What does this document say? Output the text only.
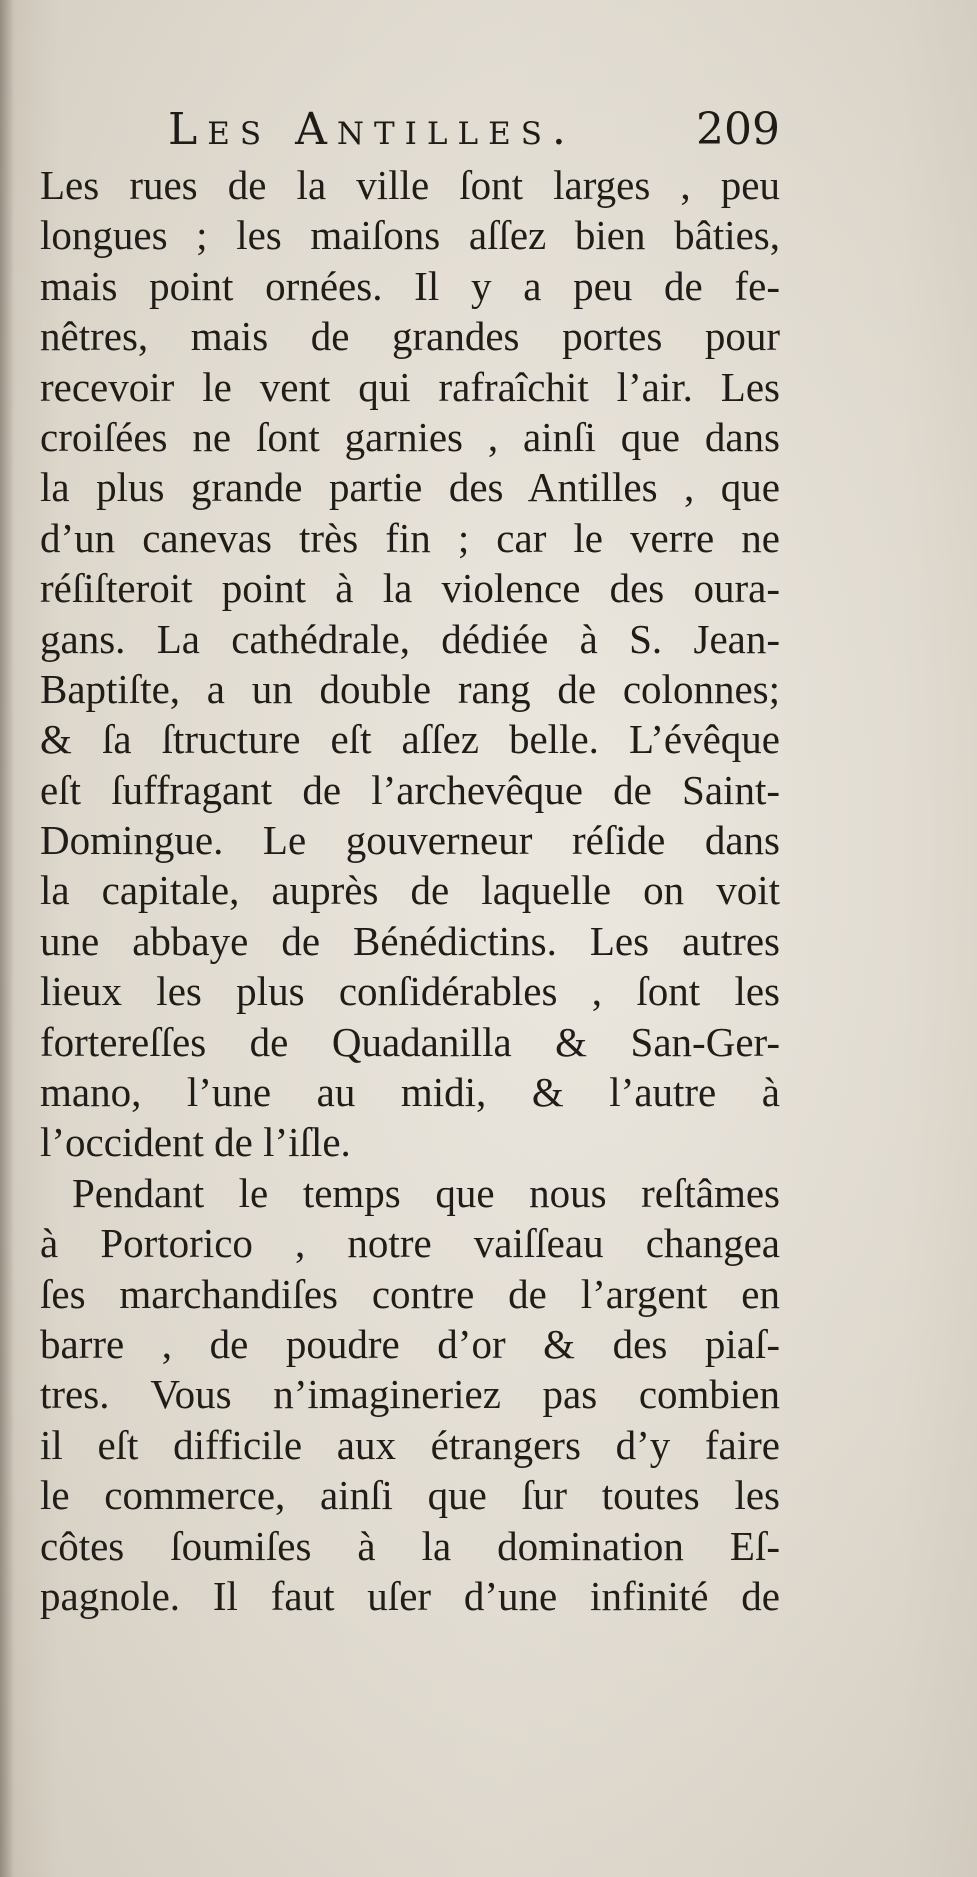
Les Antilles.	209
Les rues de la ville ſont larges , peu
longues ; les maiſons aſſez bien bâties,
mais point ornées. Il y a peu de fe-
nêtres, mais de grandes portes pour
recevoir le vent qui rafraîchit l’air. Les
croiſées ne ſont garnies , ainſi que dans
la plus grande partie des Antilles , que
d’un canevas très fin ; car le verre ne
réſiſteroit point à la violence des oura-
gans. La cathédrale, dédiée à S. Jean-
Baptiſte, a un double rang de colonnes;
& ſa ſtructure eſt aſſez belle. L’évêque
eſt ſuffragant de l’archevêque de Saint-
Domingue. Le gouverneur réſide dans
la capitale, auprès de laquelle on voit
une abbaye de Bénédictins. Les autres
lieux les plus conſidérables , ſont les
fortereſſes de Quadanilla & San-Ger-
mano, l’une au midi, & l’autre à
l’occident de l’iſle.
Pendant le temps que nous reſtâmes
à Portorico , notre vaiſſeau changea
ſes marchandiſes contre de l’argent en
barre , de poudre d’or & des piaſ-
tres. Vous n’imagineriez pas combien
il eſt difficile aux étrangers d’y faire
le commerce, ainſi que ſur toutes les
côtes ſoumiſes à la domination Eſ-
pagnole. Il faut uſer d’une infinité de
